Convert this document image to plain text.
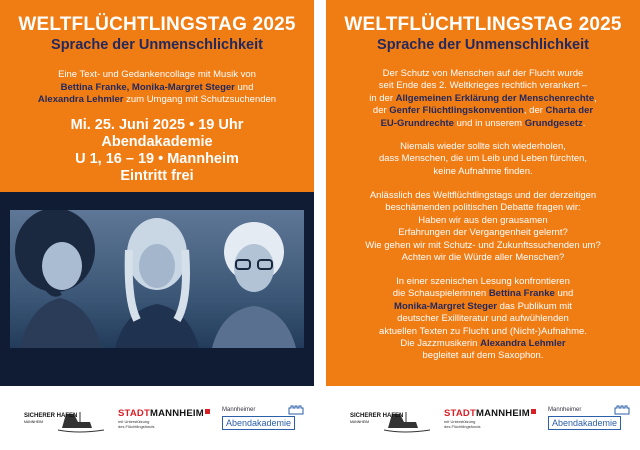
WELTFLÜCHTLINGSTAG 2025
Sprache der Unmenschlichkeit
Eine Text- und Gedankencollage mit Musik von
Bettina Franke, Monika-Margret Steger und
Alexandra Lehmler zum Umgang mit Schutzsuchenden
Mi. 25. Juni 2025 • 19 Uhr
Abendakademie
U 1, 16 – 19 • Mannheim
Eintritt frei
WELTFLÜCHTLINGSTAG 2025
Sprache der Unmenschlichkeit
Der Schutz von Menschen auf der Flucht wurde
seit Ende des 2. Weltkrieges rechtlich verankert –
in der Allgemeinen Erklärung der Menschenrechte,
der Genfer Flüchtlingskonvention, der Charta der
EU-Grundrechte und in unserem Grundgesetz.
Niemals wieder sollte sich wiederholen,
dass Menschen, die um Leib und Leben fürchten,
keine Aufnahme finden.
Anlässlich des Weltflüchtlingstags und der derzeitigen
beschämenden politischen Debatte fragen wir:
Haben wir aus den grausamen
Erfahrungen der Vergangenheit gelernt?
Wie gehen wir mit Schutz- und Zukunftssuchenden um?
Achten wir die Würde aller Menschen?
In einer szenischen Lesung konfrontieren
die Schauspielerinnen Bettina Franke und
Monika-Margret Steger das Publikum mit
deutscher Exilliteratur und aufwühlenden
aktuellen Texten zu Flucht und (Nicht-)Aufnahme.
Die Jazzmusikerin Alexandra Lehmler
begleitet auf dem Saxophon.
SICHERER HAFEN
MANNHEIM
STADTMANNHEIM
mit Unterstützung
des Flüchtlingsfonds
Mannheimer
Abendakademie
SICHERER HAFEN
MANNHEIM
STADTMANNHEIM
mit Unterstützung
des Flüchtlingsfonds
Mannheimer
Abendakademie
